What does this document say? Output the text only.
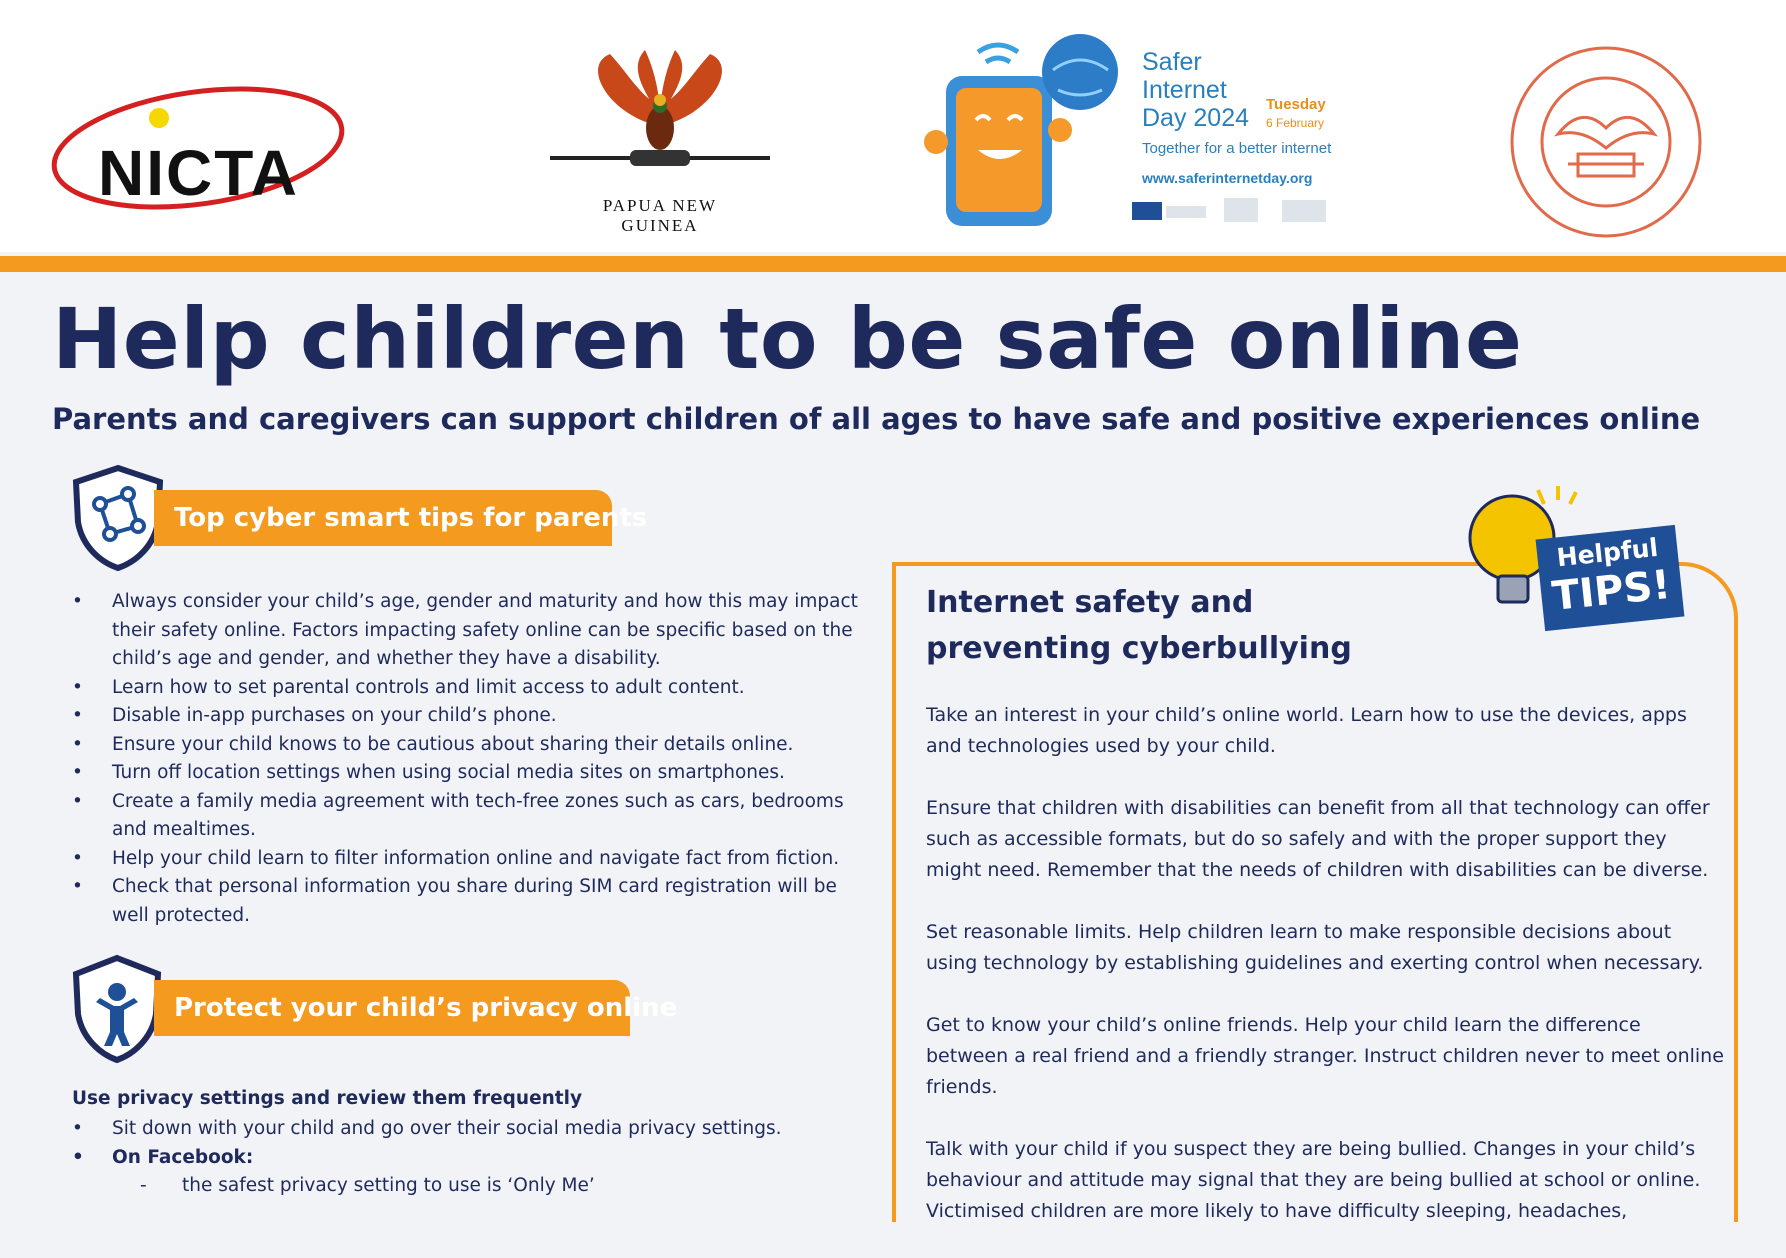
NICTA	PAPUA NEW GUINEA
Safer Internet
Day 2024 Tuesday
6 February
Together for a better internet
www.saferinternetday.org
Help children to be safe online

Parents and caregivers can support children of all ages to have safe and positive experiences online

Top cyber smart tips for parents
• Always consider your child’s age, gender and maturity and how this may impact their safety online. Factors impacting safety online can be specific based on the child’s age and gender, and whether they have a disability.
• Learn how to set parental controls and limit access to adult content.
• Disable in-app purchases on your child’s phone.
• Ensure your child knows to be cautious about sharing their details online.
• Turn off location settings when using social media sites on smartphones.
• Create a family media agreement with tech-free zones such as cars, bedrooms and mealtimes.
• Help your child learn to filter information online and navigate fact from fiction.
• Check that personal information you share during SIM card registration will be well protected.
Protect your child’s privacy online

Use privacy settings and review them frequently

• Sit down with your child and go over their social media privacy settings.
• On Facebook:
- the safest privacy setting to use is ‘Only Me’
Internet safety and preventing cyberbullying
Helpful
TIPS!

Take an interest in your child’s online world. Learn how to use the devices, apps and technologies used by your child.

Ensure that children with disabilities can benefit from all that technology can offer such as accessible formats, but do so safely and with the proper support they might need. Remember that the needs of children with disabilities can be diverse.

Set reasonable limits. Help children learn to make responsible decisions about using technology by establishing guidelines and exerting control when necessary.

Get to know your child’s online friends. Help your child learn the difference between a real friend and a friendly stranger. Instruct children never to meet online friends.

Talk with your child if you suspect they are being bullied. Changes in your child’s behaviour and attitude may signal that they are being bullied at school or online. Victimised children are more likely to have difficulty sleeping, headaches,
